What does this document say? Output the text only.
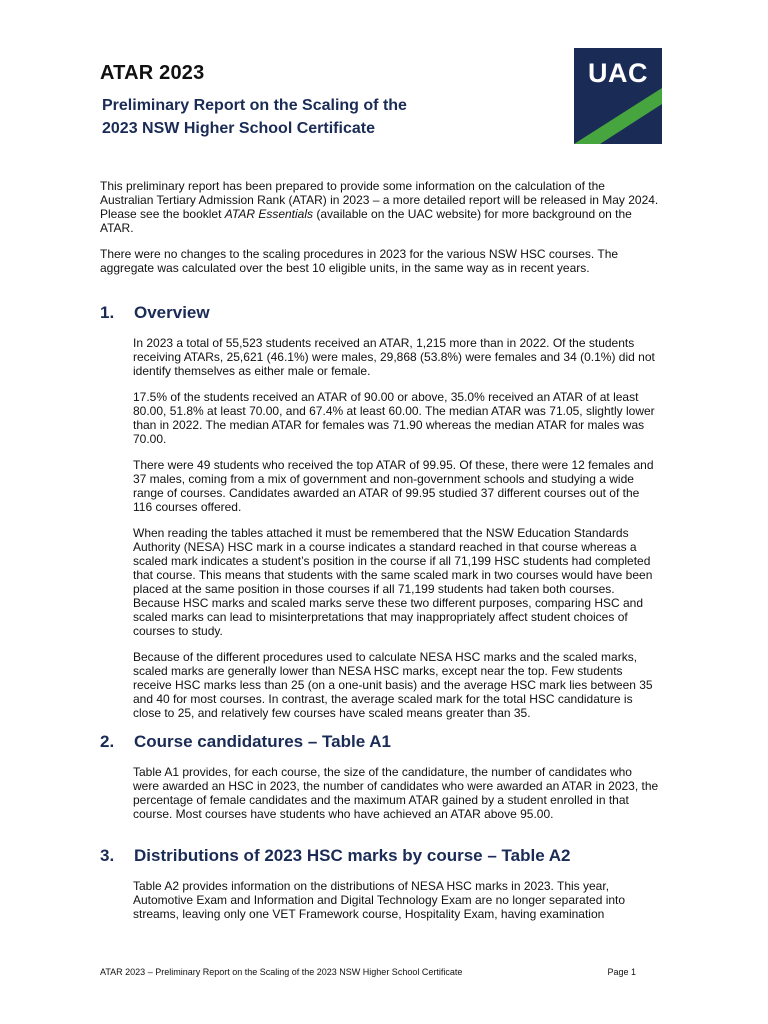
ATAR 2023
Preliminary Report on the Scaling of the
2023 NSW Higher School Certificate
UAC

This preliminary report has been prepared to provide some information on the calculation of the Australian Tertiary Admission Rank (ATAR) in 2023 – a more detailed report will be released in May 2024. Please see the booklet ATAR Essentials (available on the UAC website) for more background on the ATAR.

There were no changes to the scaling procedures in 2023 for the various NSW HSC courses. The aggregate was calculated over the best 10 eligible units, in the same way as in recent years.

1. Overview

In 2023 a total of 55,523 students received an ATAR, 1,215 more than in 2022. Of the students receiving ATARs, 25,621 (46.1%) were males, 29,868 (53.8%) were females and 34 (0.1%) did not identify themselves as either male or female.

17.5% of the students received an ATAR of 90.00 or above, 35.0% received an ATAR of at least 80.00, 51.8% at least 70.00, and 67.4% at least 60.00. The median ATAR was 71.05, slightly lower than in 2022. The median ATAR for females was 71.90 whereas the median ATAR for males was 70.00.

There were 49 students who received the top ATAR of 99.95. Of these, there were 12 females and 37 males, coming from a mix of government and non-government schools and studying a wide range of courses. Candidates awarded an ATAR of 99.95 studied 37 different courses out of the 116 courses offered.

When reading the tables attached it must be remembered that the NSW Education Standards Authority (NESA) HSC mark in a course indicates a standard reached in that course whereas a scaled mark indicates a student’s position in the course if all 71,199 HSC students had completed that course. This means that students with the same scaled mark in two courses would have been placed at the same position in those courses if all 71,199 students had taken both courses. Because HSC marks and scaled marks serve these two different purposes, comparing HSC and scaled marks can lead to misinterpretations that may inappropriately affect student choices of courses to study.

Because of the different procedures used to calculate NESA HSC marks and the scaled marks, scaled marks are generally lower than NESA HSC marks, except near the top. Few students receive HSC marks less than 25 (on a one-unit basis) and the average HSC mark lies between 35 and 40 for most courses. In contrast, the average scaled mark for the total HSC candidature is close to 25, and relatively few courses have scaled means greater than 35.

2. Course candidatures – Table A1

Table A1 provides, for each course, the size of the candidature, the number of candidates who were awarded an HSC in 2023, the number of candidates who were awarded an ATAR in 2023, the percentage of female candidates and the maximum ATAR gained by a student enrolled in that course. Most courses have students who have achieved an ATAR above 95.00.

3. Distributions of 2023 HSC marks by course – Table A2

Table A2 provides information on the distributions of NESA HSC marks in 2023. This year, Automotive Exam and Information and Digital Technology Exam are no longer separated into streams, leaving only one VET Framework course, Hospitality Exam, having examination

ATAR 2023 – Preliminary Report on the Scaling of the 2023 NSW Higher School Certificate	Page 1
